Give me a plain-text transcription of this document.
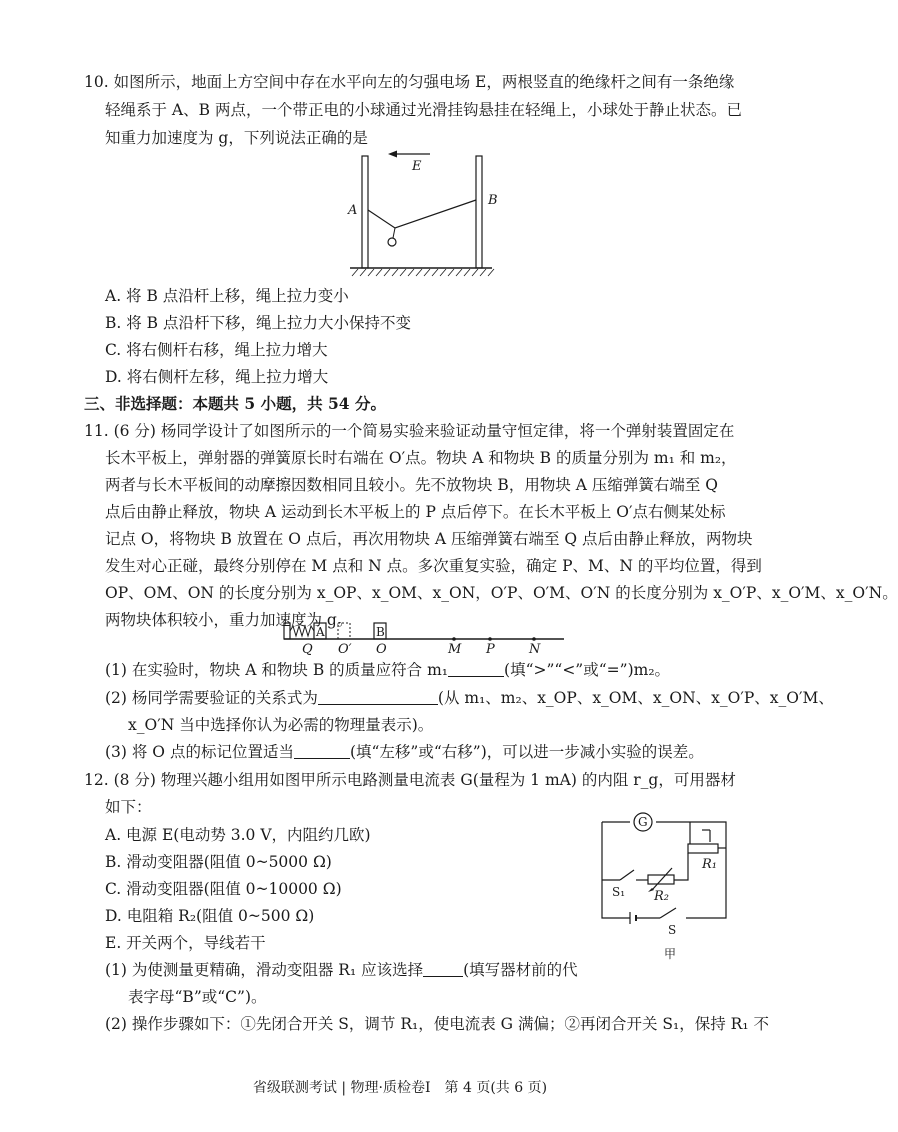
10. 如图所示，地面上方空间中存在水平向左的匀强电场 E，两根竖直的绝缘杆之间有一条绝缘
轻绳系于 A、B 两点，一个带正电的小球通过光滑挂钩悬挂在轻绳上，小球处于静止状态。已
知重力加速度为 g，下列说法正确的是
E
A
B
A. 将 B 点沿杆上移，绳上拉力变小
B. 将 B 点沿杆下移，绳上拉力大小保持不变
C. 将右侧杆右移，绳上拉力增大
D. 将右侧杆左移，绳上拉力增大
三、非选择题：本题共 5 小题，共 54 分。
11. (6 分) 杨同学设计了如图所示的一个简易实验来验证动量守恒定律，将一个弹射装置固定在
长木平板上，弹射器的弹簧原长时右端在 O′点。物块 A 和物块 B 的质量分别为 m₁ 和 m₂，
两者与长木平板间的动摩擦因数相同且较小。先不放物块 B，用物块 A 压缩弹簧右端至 Q
点后由静止释放，物块 A 运动到长木平板上的 P 点后停下。在长木平板上 O′点右侧某处标
记点 O，将物块 B 放置在 O 点后，再次用物块 A 压缩弹簧右端至 Q 点后由静止释放，两物块
发生对心正碰，最终分别停在 M 点和 N 点。多次重复实验，确定 P、M、N 的平均位置，得到
OP、OM、ON 的长度分别为 x_OP、x_OM、x_ON，O′P、O′M、O′N 的长度分别为 x_O′P、x_O′M、x_O′N。
两物块体积较小，重力加速度为 g。
A	B
Q O′ O	M P	N
(1) 在实验时，物块 A 和物块 B 的质量应符合 m₁	(填“>”“<”或“=”)m₂。
(2) 杨同学需要验证的关系式为	(从 m₁、m₂、x_OP、x_OM、x_ON、x_O′P、x_O′M、
x_O′N 当中选择你认为必需的物理量表示)。
(3) 将 O 点的标记位置适当	(填“左移”或“右移”)，可以进一步减小实验的误差。
12. (8 分) 物理兴趣小组用如图甲所示电路测量电流表 G(量程为 1 mA) 的内阻 r_g，可用器材
如下：
A. 电源 E(电动势 3.0 V，内阻约几欧)
B. 滑动变阻器(阻值 0~5000 Ω)
C. 滑动变阻器(阻值 0~10000 Ω)
D. 电阻箱 R₂(阻值 0~500 Ω)
E. 开关两个，导线若干
G
R₁
R₂
S₁
S
甲
(1) 为使测量更精确，滑动变阻器 R₁ 应该选择	(填写器材前的代
表字母“B”或“C”)。
(2) 操作步骤如下：①先闭合开关 S，调节 R₁，使电流表 G 满偏；②再闭合开关 S₁，保持 R₁ 不
省级联测考试 | 物理·质检卷Ⅰ　第 4 页(共 6 页)
